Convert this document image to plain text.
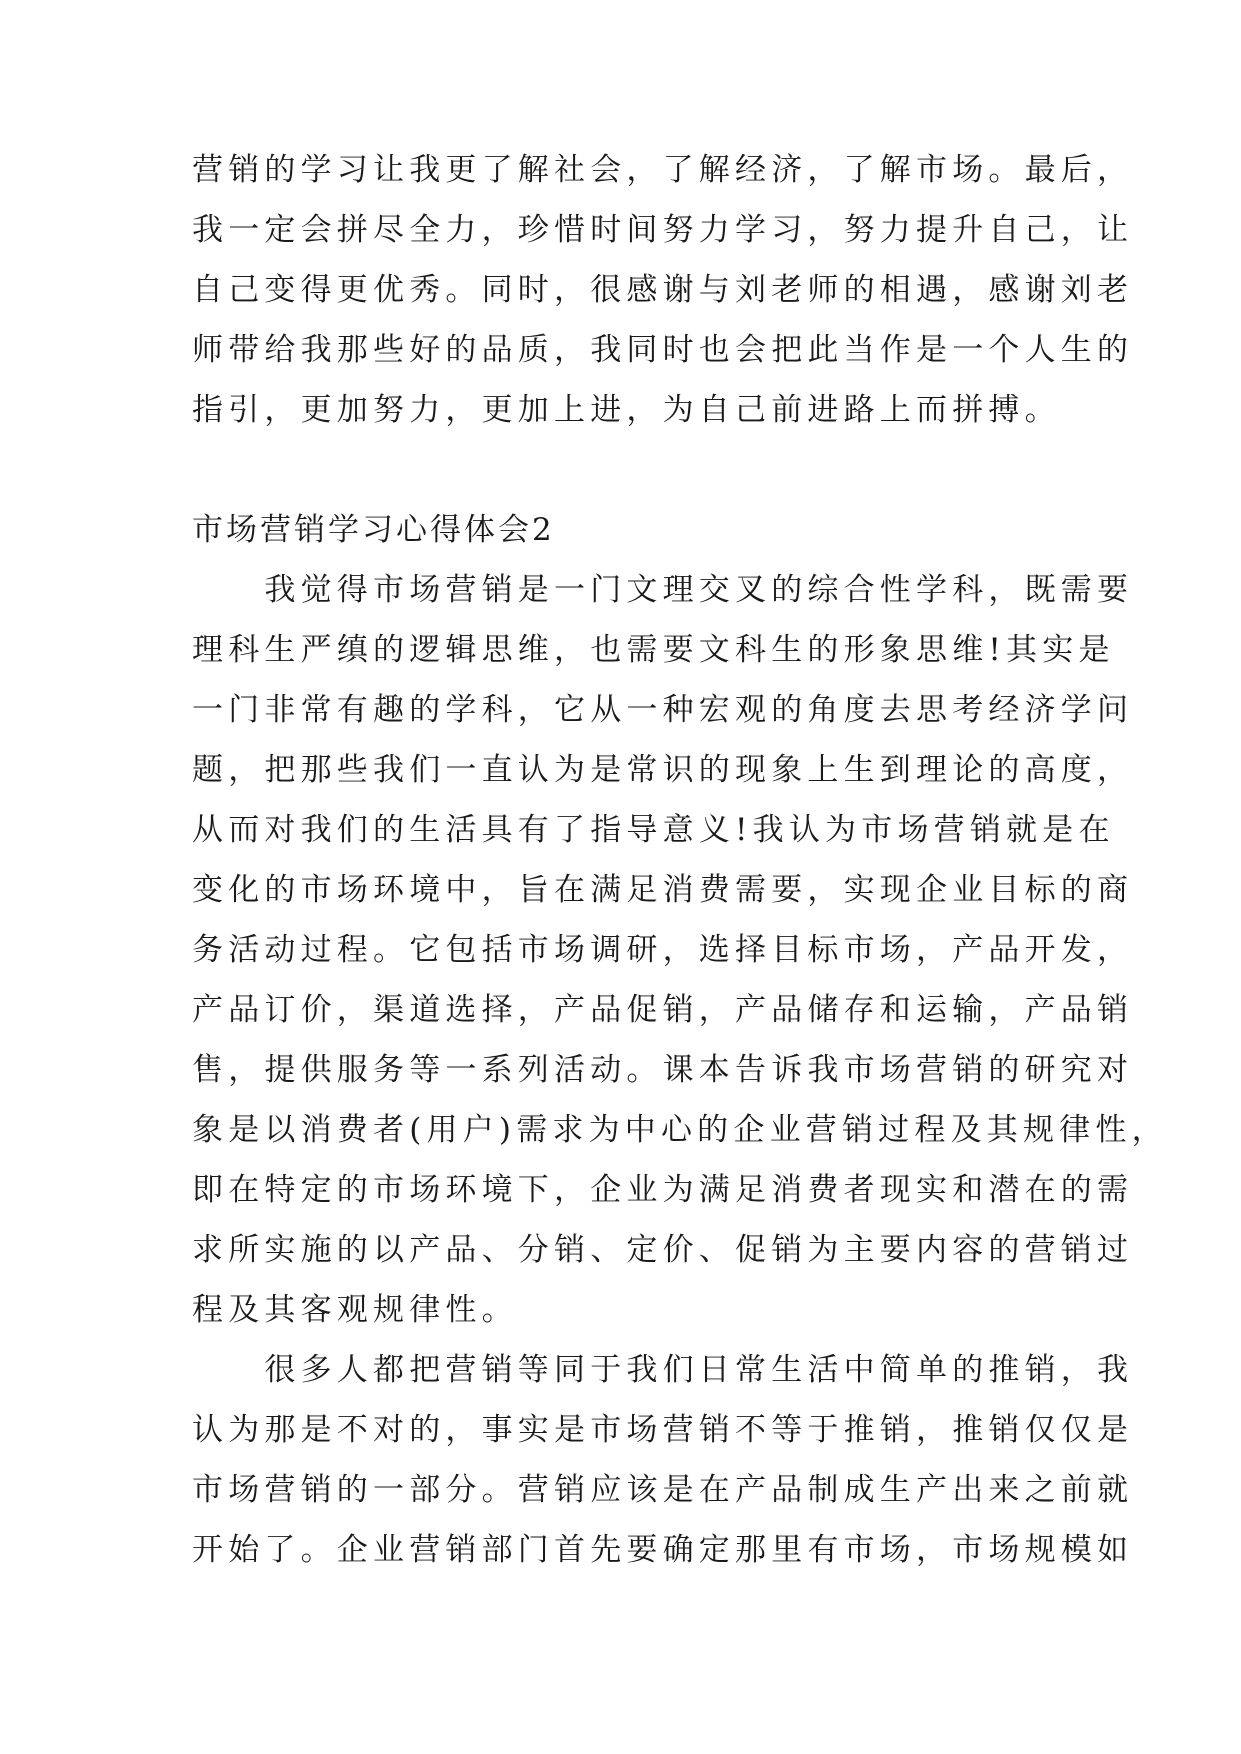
营销的学习让我更了解社会，了解经济，了解市场。最后，
我一定会拼尽全力，珍惜时间努力学习，努力提升自己，让
自己变得更优秀。同时，很感谢与刘老师的相遇，感谢刘老
师带给我那些好的品质，我同时也会把此当作是一个人生的
指引，更加努力，更加上进，为自己前进路上而拼搏。
市场营销学习心得体会2
　　我觉得市场营销是一门文理交叉的综合性学科，既需要
理科生严缜的逻辑思维，也需要文科生的形象思维!其实是
一门非常有趣的学科，它从一种宏观的角度去思考经济学问
题，把那些我们一直认为是常识的现象上生到理论的高度，
从而对我们的生活具有了指导意义!我认为市场营销就是在
变化的市场环境中，旨在满足消费需要，实现企业目标的商
务活动过程。它包括市场调研，选择目标市场，产品开发，
产品订价，渠道选择，产品促销，产品储存和运输，产品销
售，提供服务等一系列活动。课本告诉我市场营销的研究对
象是以消费者(用户)需求为中心的企业营销过程及其规律性，
即在特定的市场环境下，企业为满足消费者现实和潜在的需
求所实施的以产品、分销、定价、促销为主要内容的营销过
程及其客观规律性。
　　很多人都把营销等同于我们日常生活中简单的推销，我
认为那是不对的，事实是市场营销不等于推销，推销仅仅是
市场营销的一部分。营销应该是在产品制成生产出来之前就
开始了。企业营销部门首先要确定那里有市场，市场规模如
